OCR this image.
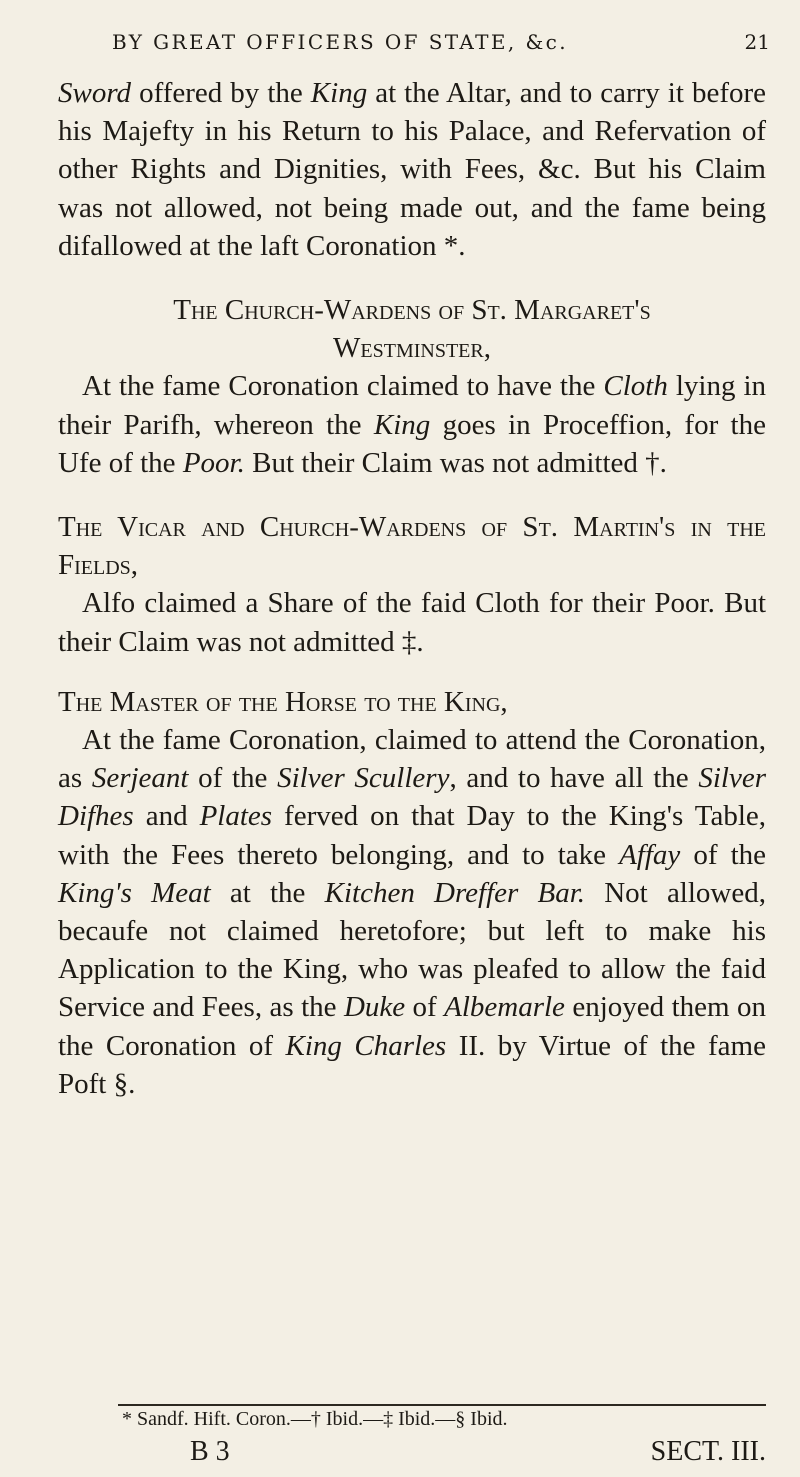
BY GREAT OFFICERS OF STATE, &c.	21

Sword offered by the King at the Altar, and to carry it before his Majefty in his Return to his Palace, and Refervation of other Rights and Dignities, with Fees, &c. But his Claim was not allowed, not being made out, and the fame being difallowed at the laft Coronation *.

The Church-Wardens of St. Margaret's

Westminster,

At the fame Coronation claimed to have the Cloth lying in their Parifh, whereon the King goes in Proceffion, for the Ufe of the Poor. But their Claim was not admitted †.

The Vicar and Church-Wardens of St. Martin's in the Fields,

Alfo claimed a Share of the faid Cloth for their Poor. But their Claim was not admitted ‡.

The Master of the Horse to the King,

At the fame Coronation, claimed to attend the Coronation, as Serjeant of the Silver Scullery, and to have all the Silver Difhes and Plates ferved on that Day to the King's Table, with the Fees thereto belonging, and to take Affay of the King's Meat at the Kitchen Dreffer Bar. Not allowed, becaufe not claimed heretofore; but left to make his Application to the King, who was pleafed to allow the faid Service and Fees, as the Duke of Albemarle enjoyed them on the Coronation of King Charles II. by Virtue of the fame Poft §.

* Sandf. Hift. Coron.—† Ibid.—‡ Ibid.—§ Ibid.
B 3	SECT. III.
